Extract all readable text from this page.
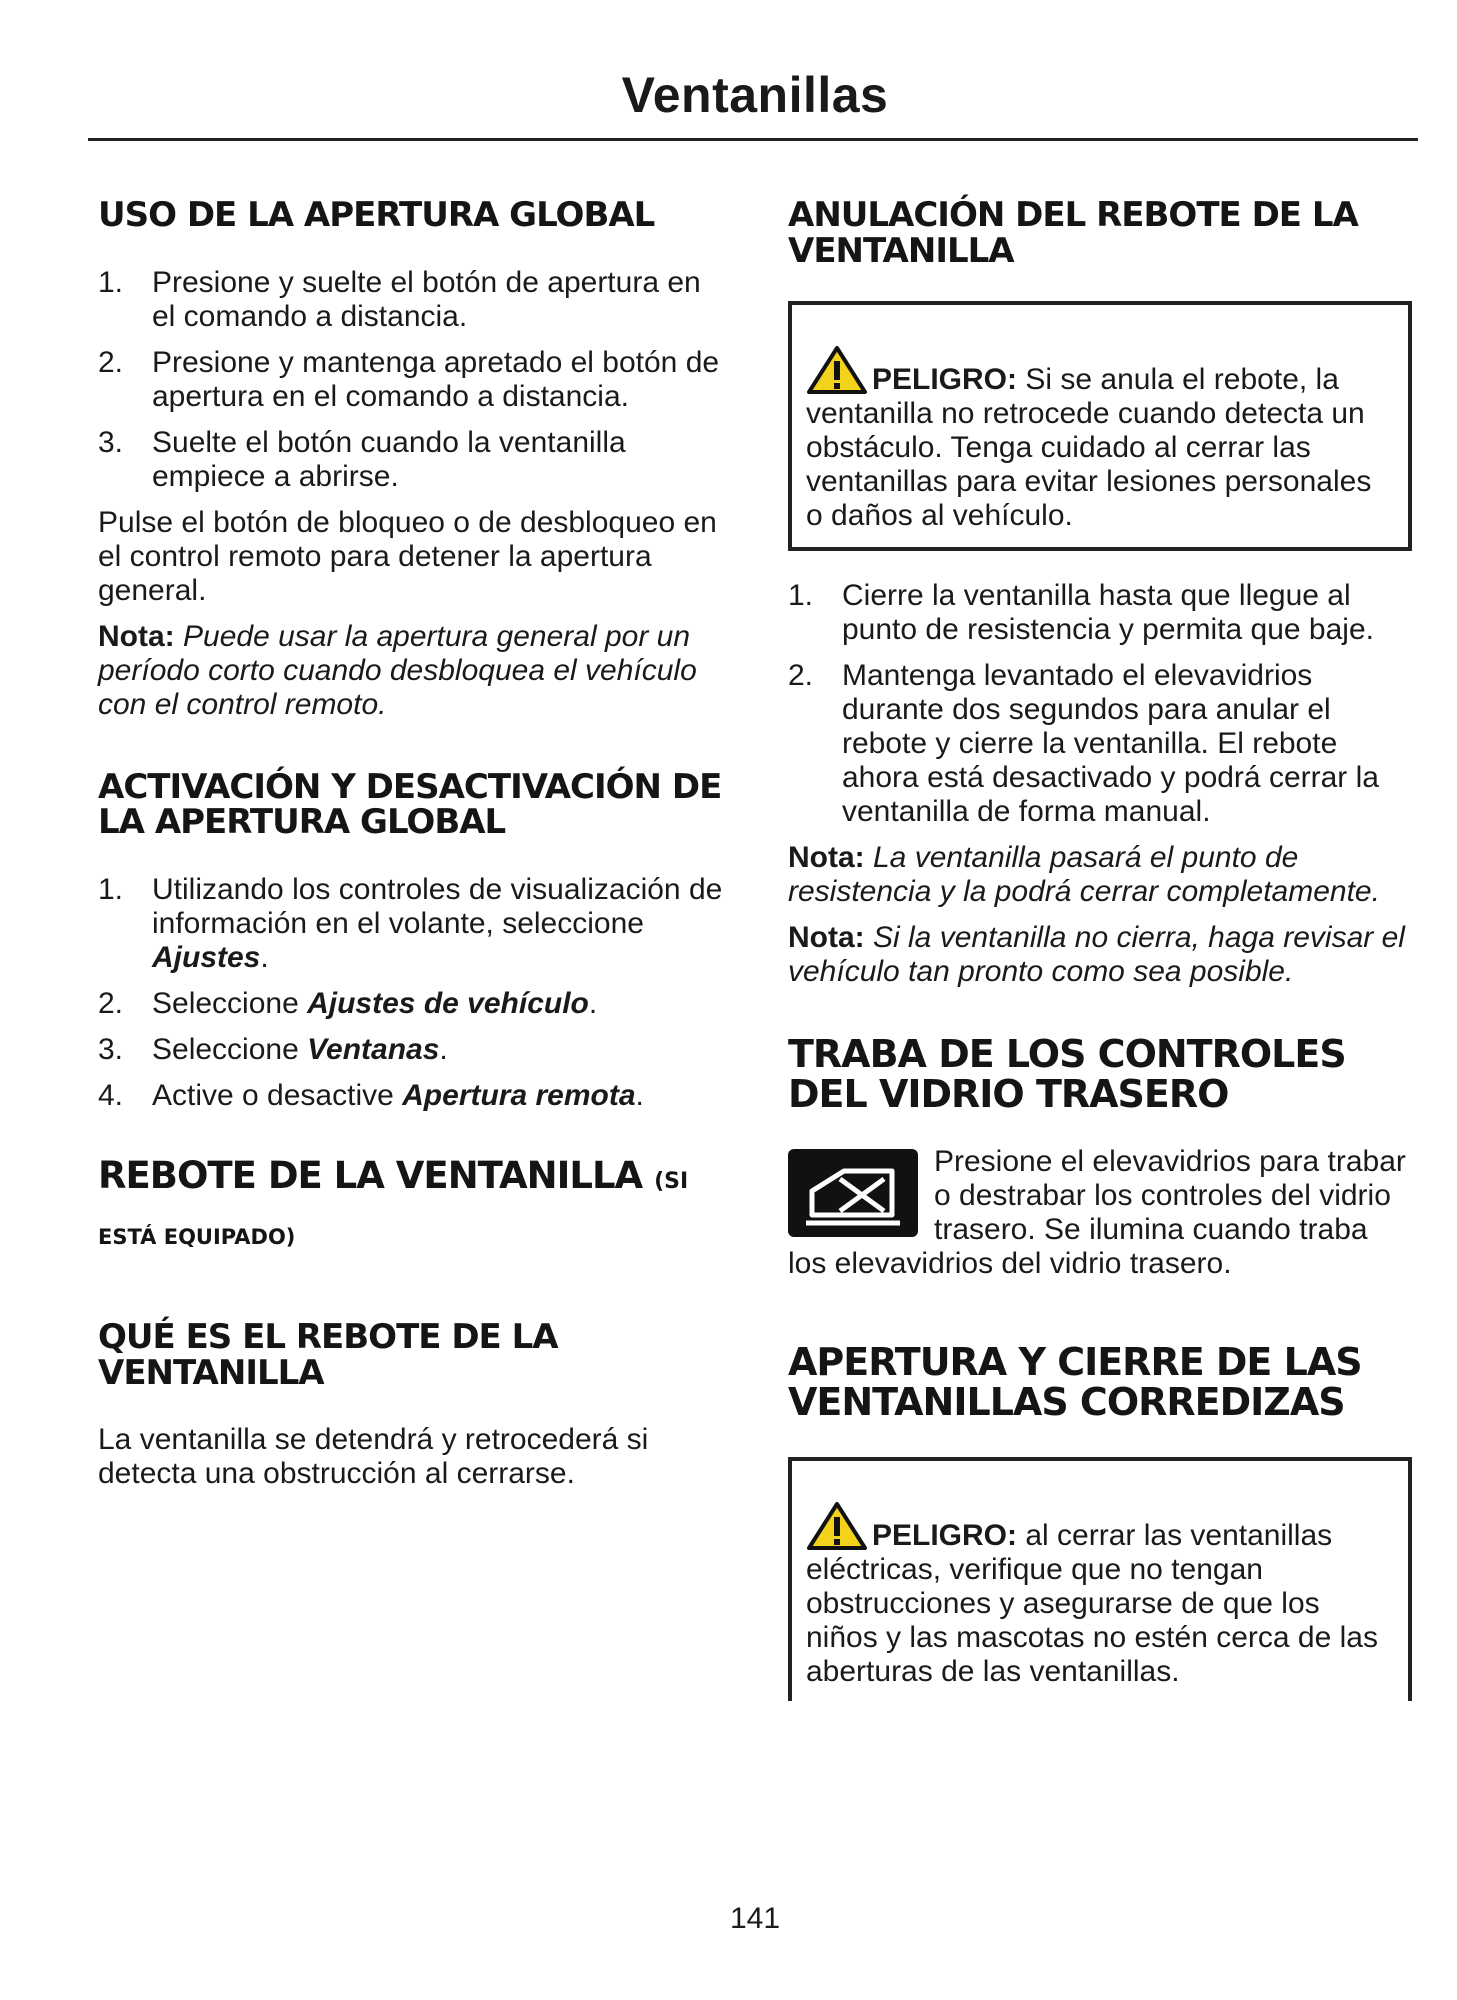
Ventanillas
USO DE LA APERTURA GLOBAL
1. Presione y suelte el botón de apertura en el comando a distancia.
2. Presione y mantenga apretado el botón de apertura en el comando a distancia.
3. Suelte el botón cuando la ventanilla empiece a abrirse.

Pulse el botón de bloqueo o de desbloqueo en el control remoto para detener la apertura general.

Nota: Puede usar la apertura general por un período corto cuando desbloquea el vehículo con el control remoto.

ACTIVACIÓN Y DESACTIVACIÓN DE LA APERTURA GLOBAL
1. Utilizando los controles de visualización de información en el volante, seleccione Ajustes.
2. Seleccione Ajustes de vehículo.
3. Seleccione Ventanas.
4. Active o desactive Apertura remota.
REBOTE DE LA VENTANILLA (SI

ESTÁ EQUIPADO)

QUÉ ES EL REBOTE DE LA VENTANILLA

La ventanilla se detendrá y retrocederá si detecta una obstrucción al cerrarse.

ANULACIÓN DEL REBOTE DE LA VENTANILLA

PELIGRO: Si se anula el rebote, la ventanilla no retrocede cuando detecta un obstáculo. Tenga cuidado al cerrar las ventanillas para evitar lesiones personales o daños al vehículo.

1. Cierre la ventanilla hasta que llegue al punto de resistencia y permita que baje.
2. Mantenga levantado el elevavidrios durante dos segundos para anular el rebote y cierre la ventanilla. El rebote ahora está desactivado y podrá cerrar la ventanilla de forma manual.

Nota: La ventanilla pasará el punto de resistencia y la podrá cerrar completamente.

Nota: Si la ventanilla no cierra, haga revisar el vehículo tan pronto como sea posible.

TRABA DE LOS CONTROLES DEL VIDRIO TRASERO

Presione el elevavidrios para trabar o destrabar los controles del vidrio trasero. Se ilumina cuando traba los elevavidrios del vidrio trasero.

APERTURA Y CIERRE DE LAS VENTANILLAS CORREDIZAS

PELIGRO: al cerrar las ventanillas eléctricas, verifique que no tengan obstrucciones y asegurarse de que los niños y las mascotas no estén cerca de las aberturas de las ventanillas.

141
